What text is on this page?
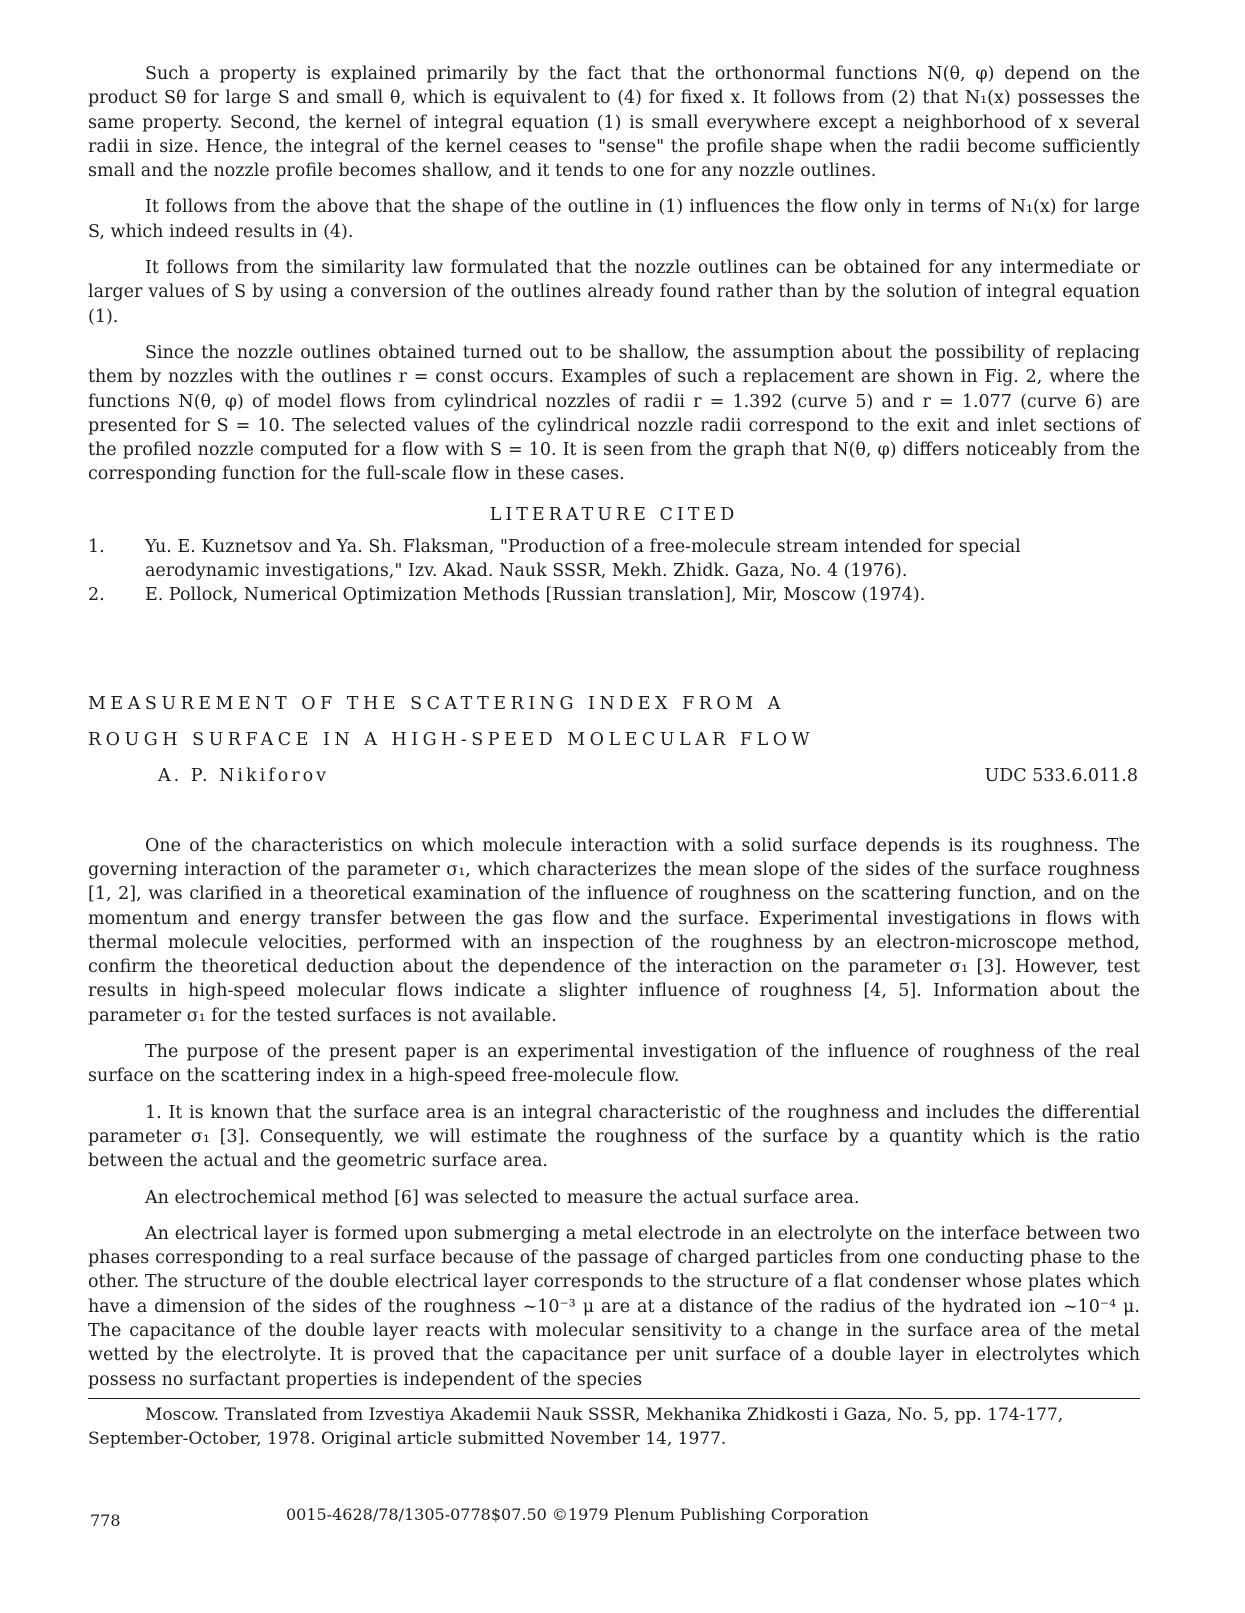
Such a property is explained primarily by the fact that the orthonormal functions N(θ, φ) depend on the product Sθ for large S and small θ, which is equivalent to (4) for fixed x. It follows from (2) that N₁(x) possesses the same property. Second, the kernel of integral equation (1) is small everywhere except a neighborhood of x several radii in size. Hence, the integral of the kernel ceases to "sense" the profile shape when the radii become sufficiently small and the nozzle profile becomes shallow, and it tends to one for any nozzle outlines.

It follows from the above that the shape of the outline in (1) influences the flow only in terms of N₁(x) for large S, which indeed results in (4).

It follows from the similarity law formulated that the nozzle outlines can be obtained for any intermediate or larger values of S by using a conversion of the outlines already found rather than by the solution of integral equation (1).

Since the nozzle outlines obtained turned out to be shallow, the assumption about the possibility of replacing them by nozzles with the outlines r = const occurs. Examples of such a replacement are shown in Fig. 2, where the functions N(θ, φ) of model flows from cylindrical nozzles of radii r = 1.392 (curve 5) and r = 1.077 (curve 6) are presented for S = 10. The selected values of the cylindrical nozzle radii correspond to the exit and inlet sections of the profiled nozzle computed for a flow with S = 10. It is seen from the graph that N(θ, φ) differs noticeably from the corresponding function for the full-scale flow in these cases.

LITERATURE CITED
1.	Yu. E. Kuznetsov and Ya. Sh. Flaksman, "Production of a free-molecule stream intended for special aerodynamic investigations," Izv. Akad. Nauk SSSR, Mekh. Zhidk. Gaza, No. 4 (1976).
2.	E. Pollock, Numerical Optimization Methods [Russian translation], Mir, Moscow (1974).
MEASUREMENT OF THE SCATTERING INDEX FROM A
ROUGH SURFACE IN A HIGH-SPEED MOLECULAR FLOW
A. P. Nikiforov	UDC 533.6.011.8

One of the characteristics on which molecule interaction with a solid surface depends is its roughness. The governing interaction of the parameter σ₁, which characterizes the mean slope of the sides of the surface roughness [1, 2], was clarified in a theoretical examination of the influence of roughness on the scattering function, and on the momentum and energy transfer between the gas flow and the surface. Experimental investigations in flows with thermal molecule velocities, performed with an inspection of the roughness by an electron-microscope method, confirm the theoretical deduction about the dependence of the interaction on the parameter σ₁ [3]. However, test results in high-speed molecular flows indicate a slighter influence of roughness [4, 5]. Information about the parameter σ₁ for the tested surfaces is not available.

The purpose of the present paper is an experimental investigation of the influence of roughness of the real surface on the scattering index in a high-speed free-molecule flow.

1. It is known that the surface area is an integral characteristic of the roughness and includes the differential parameter σ₁ [3]. Consequently, we will estimate the roughness of the surface by a quantity which is the ratio between the actual and the geometric surface area.

An electrochemical method [6] was selected to measure the actual surface area.

An electrical layer is formed upon submerging a metal electrode in an electrolyte on the interface between two phases corresponding to a real surface because of the passage of charged particles from one conducting phase to the other. The structure of the double electrical layer corresponds to the structure of a flat condenser whose plates which have a dimension of the sides of the roughness ~10⁻³ μ are at a distance of the radius of the hydrated ion ~10⁻⁴ μ. The capacitance of the double layer reacts with molecular sensitivity to a change in the surface area of the metal wetted by the electrolyte. It is proved that the capacitance per unit surface of a double layer in electrolytes which possess no surfactant properties is independent of the species

Moscow. Translated from Izvestiya Akademii Nauk SSSR, Mekhanika Zhidkosti i Gaza, No. 5, pp. 174-177, September-October, 1978. Original article submitted November 14, 1977.

778	0015-4628/78/1305-0778$07.50 ©1979 Plenum Publishing Corporation
